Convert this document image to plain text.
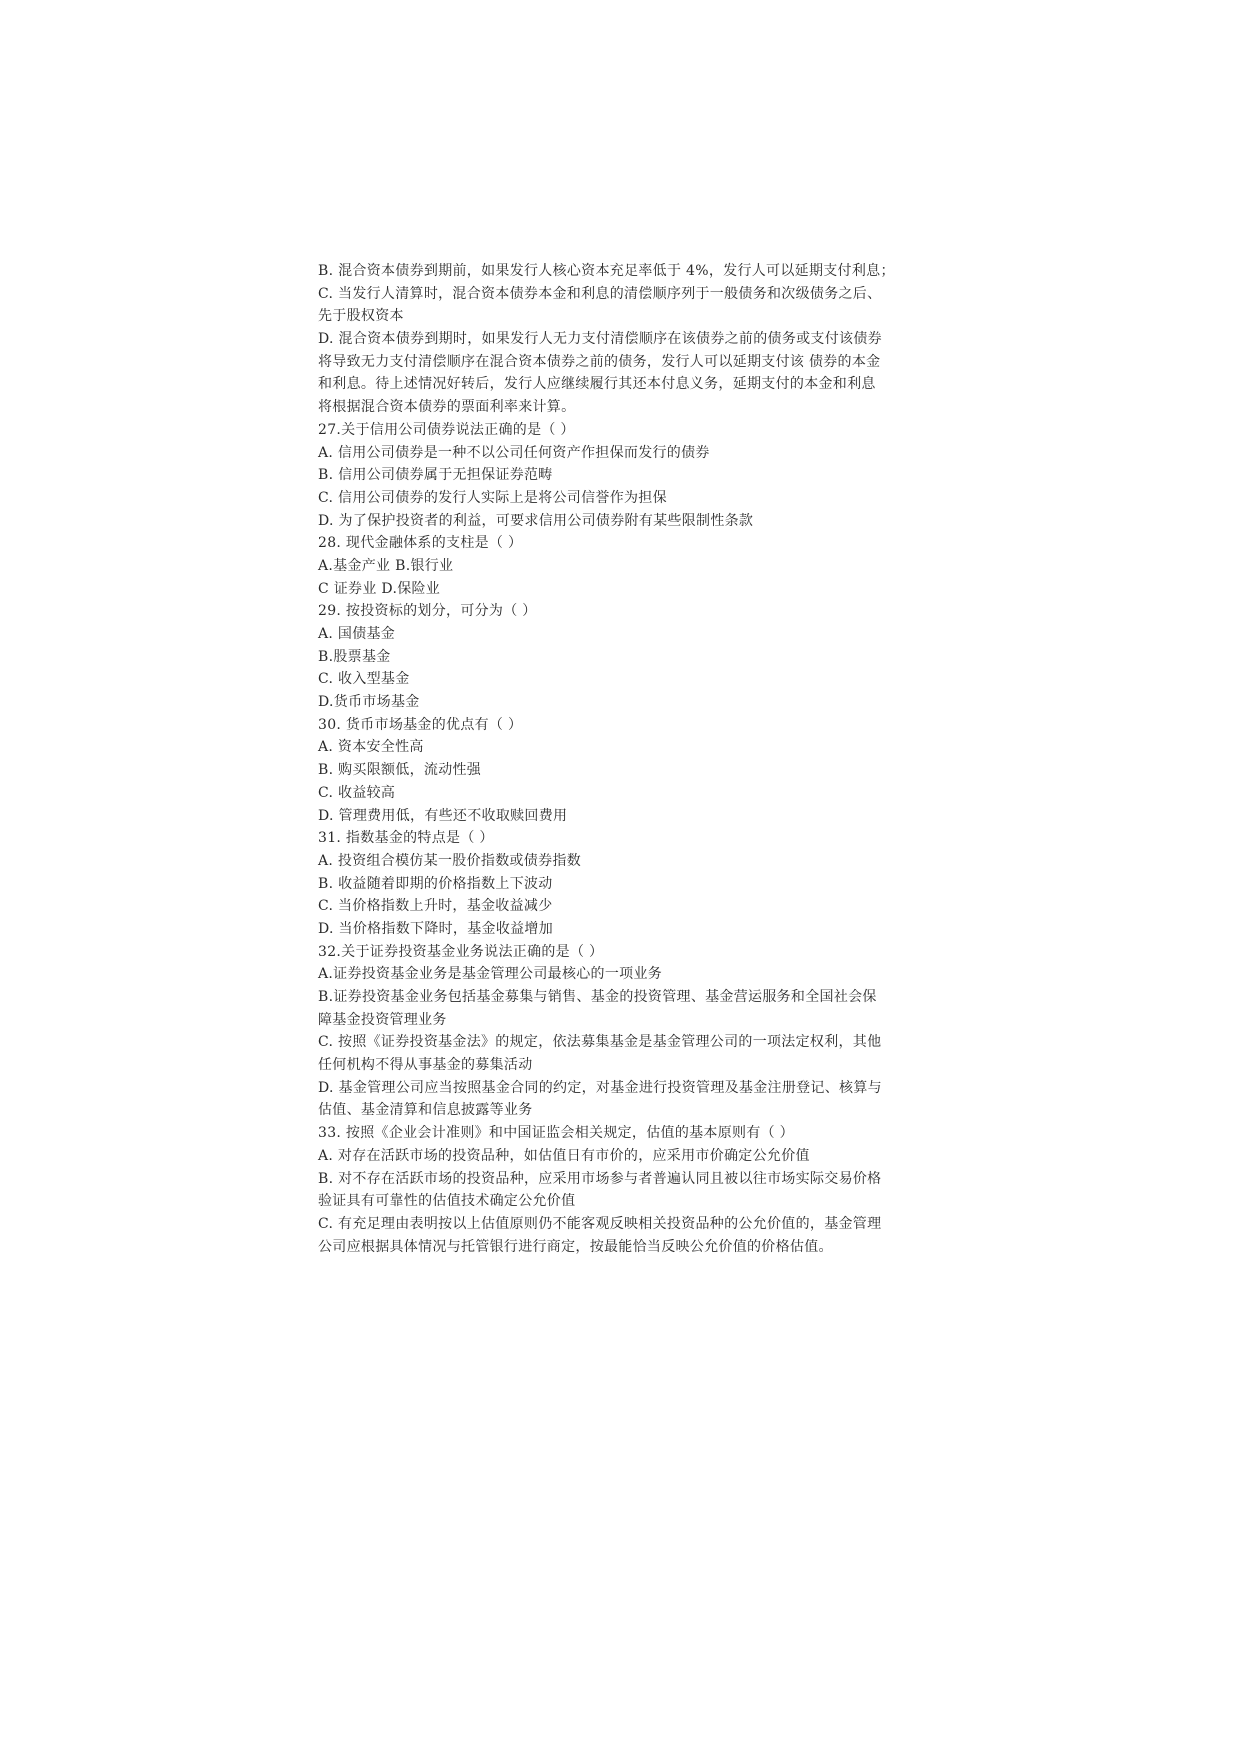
B. 混合资本债券到期前，如果发行人核心资本充足率低于 4%，发行人可以延期支付利息；
C. 当发行人清算时，混合资本债券本金和利息的清偿顺序列于一般债务和次级债务之后、
先于股权资本
D. 混合资本债券到期时，如果发行人无力支付清偿顺序在该债券之前的债务或支付该债券
将导致无力支付清偿顺序在混合资本债券之前的债务，发行人可以延期支付该 债券的本金
和利息。待上述情况好转后，发行人应继续履行其还本付息义务，延期支付的本金和利息
将根据混合资本债券的票面利率来计算。
27.关于信用公司债券说法正确的是（ ）
A. 信用公司债券是一种不以公司任何资产作担保而发行的债券
B. 信用公司债券属于无担保证券范畴
C. 信用公司债券的发行人实际上是将公司信誉作为担保
D. 为了保护投资者的利益，可要求信用公司债券附有某些限制性条款
28. 现代金融体系的支柱是（ ）
A.基金产业 B.银行业
C 证券业 D.保险业
29. 按投资标的划分，可分为（ ）
A. 国债基金
B.股票基金
C. 收入型基金
D.货币市场基金
30. 货币市场基金的优点有（ ）
A. 资本安全性高
B. 购买限额低，流动性强
C. 收益较高
D. 管理费用低，有些还不收取赎回费用
31. 指数基金的特点是（ ）
A. 投资组合模仿某一股价指数或债券指数
B. 收益随着即期的价格指数上下波动
C. 当价格指数上升时，基金收益减少
D. 当价格指数下降时，基金收益增加
32.关于证券投资基金业务说法正确的是（ ）
A.证券投资基金业务是基金管理公司最核心的一项业务
B.证券投资基金业务包括基金募集与销售、基金的投资管理、基金营运服务和全国社会保
障基金投资管理业务
C. 按照《证券投资基金法》的规定，依法募集基金是基金管理公司的一项法定权利，其他
任何机构不得从事基金的募集活动
D. 基金管理公司应当按照基金合同的约定，对基金进行投资管理及基金注册登记、核算与
估值、基金清算和信息披露等业务
33. 按照《企业会计准则》和中国证监会相关规定，估值的基本原则有（ ）
A. 对存在活跃市场的投资品种，如估值日有市价的，应采用市价确定公允价值
B. 对不存在活跃市场的投资品种，应采用市场参与者普遍认同且被以往市场实际交易价格
验证具有可靠性的估值技术确定公允价值
C. 有充足理由表明按以上估值原则仍不能客观反映相关投资品种的公允价值的，基金管理
公司应根据具体情况与托管银行进行商定，按最能恰当反映公允价值的价格估值。
